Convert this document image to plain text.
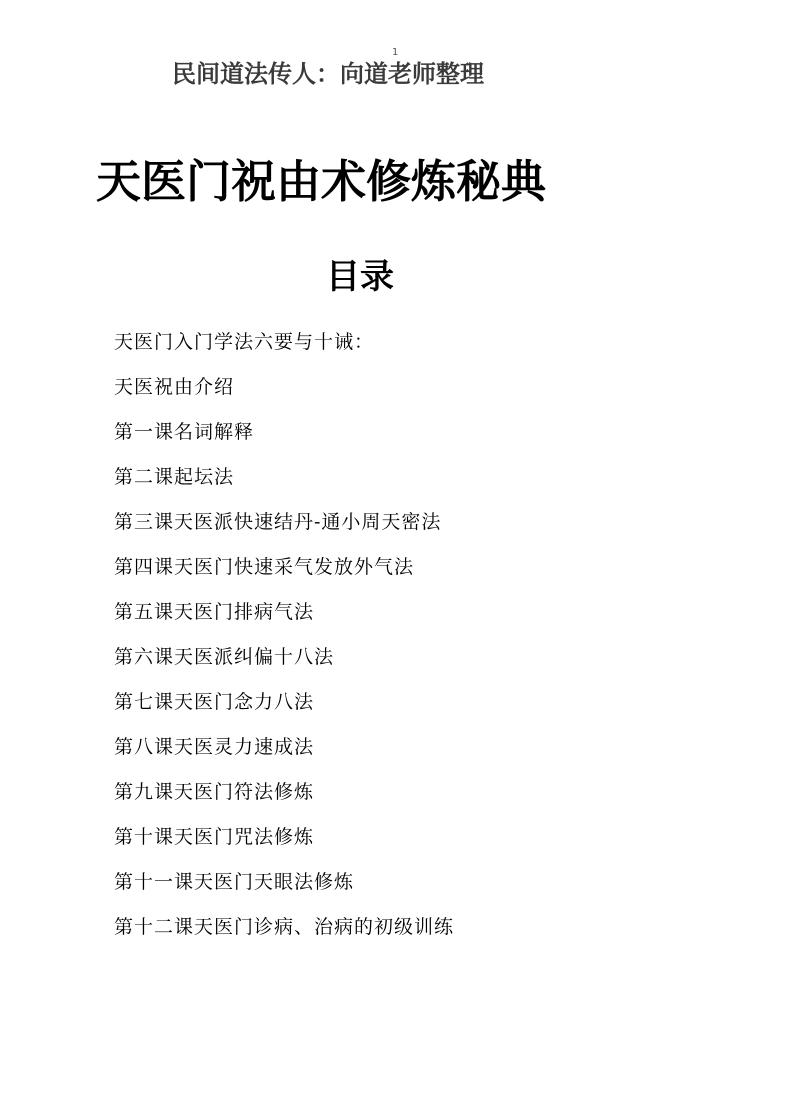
1
民间道法传人：向道老师整理
天医门祝由术修炼秘典
目录
天医门入门学法六要与十诫：
天医祝由介绍
第一课名词解释
第二课起坛法
第三课天医派快速结丹-通小周天密法
第四课天医门快速采气发放外气法
第五课天医门排病气法
第六课天医派纠偏十八法
第七课天医门念力八法
第八课天医灵力速成法
第九课天医门符法修炼
第十课天医门咒法修炼
第十一课天医门天眼法修炼
第十二课天医门诊病、治病的初级训练
